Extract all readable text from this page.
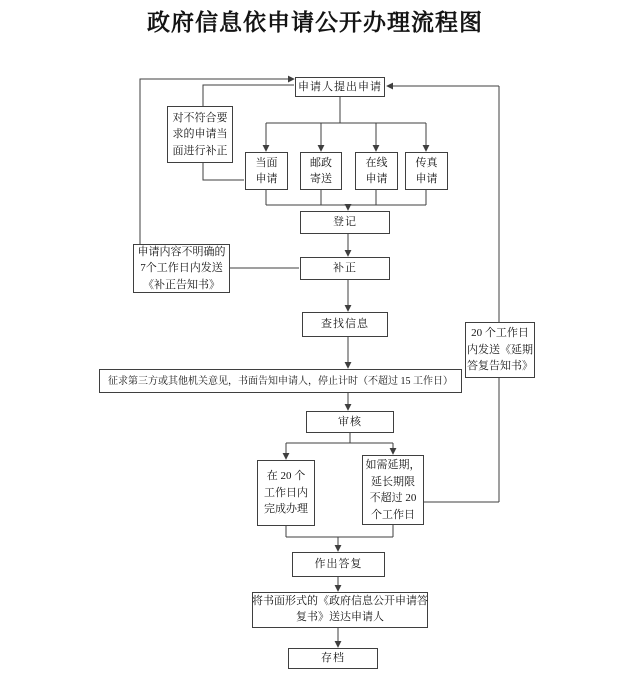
政府信息依申请公开办理流程图
申请人提出申请
对不符合要
求的申请当
面进行补正
当面
申请
邮政
寄送
在线
申请
传真
申请
登记
申请内容不明确的
7个工作日内发送
《补正告知书》
补正
查找信息
20 个工作日
内发送《延期
答复告知书》
征求第三方或其他机关意见，书面告知申请人，停止计时（不超过 15 工作日）
审核
在 20 个
工作日内
完成办理
如需延期，
延长期限
不超过 20
个工作日
作出答复
将书面形式的《政府信息公开申请答
复书》送达申请人
存档
